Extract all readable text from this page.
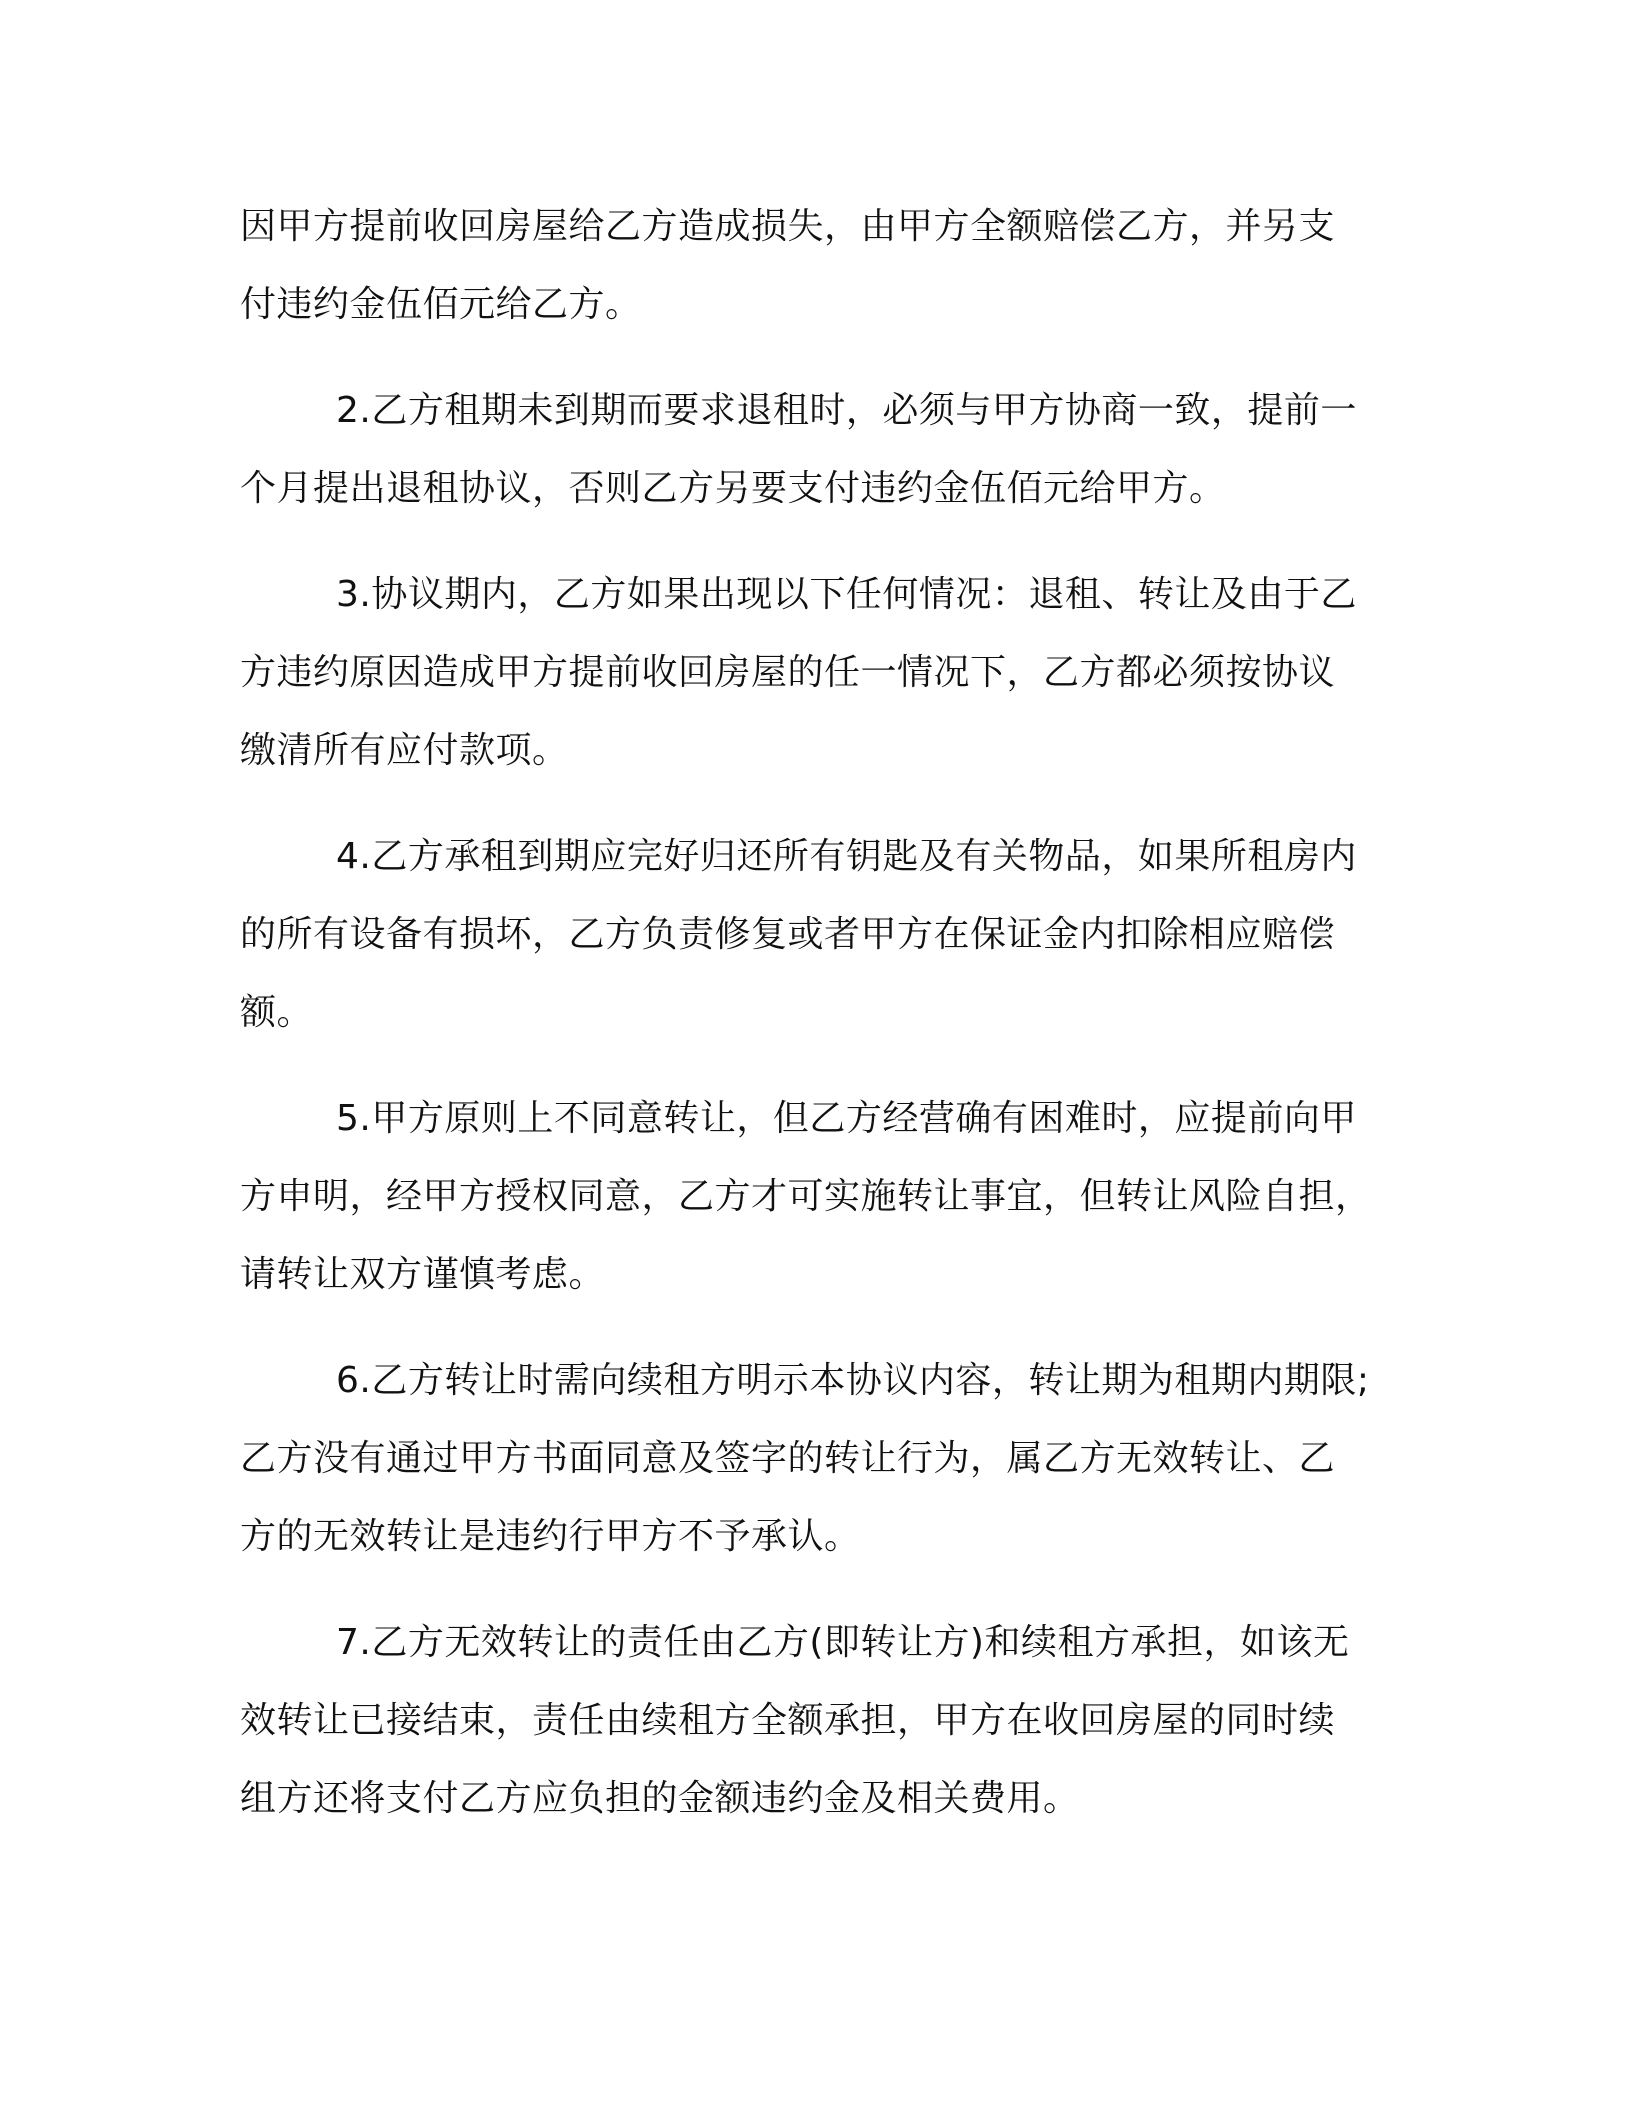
因甲方提前收回房屋给乙方造成损失，由甲方全额赔偿乙方，并另支
付违约金伍佰元给乙方。
2.乙方租期未到期而要求退租时，必须与甲方协商一致，提前一
个月提出退租协议，否则乙方另要支付违约金伍佰元给甲方。
3.协议期内，乙方如果出现以下任何情况：退租、转让及由于乙
方违约原因造成甲方提前收回房屋的任一情况下，乙方都必须按协议
缴清所有应付款项。
4.乙方承租到期应完好归还所有钥匙及有关物品，如果所租房内
的所有设备有损坏，乙方负责修复或者甲方在保证金内扣除相应赔偿
额。
5.甲方原则上不同意转让，但乙方经营确有困难时，应提前向甲
方申明，经甲方授权同意，乙方才可实施转让事宜，但转让风险自担，
请转让双方谨慎考虑。
6.乙方转让时需向续租方明示本协议内容，转让期为租期内期限;
乙方没有通过甲方书面同意及签字的转让行为，属乙方无效转让、乙
方的无效转让是违约行甲方不予承认。
7.乙方无效转让的责任由乙方(即转让方)和续租方承担，如该无
效转让已接结束，责任由续租方全额承担，甲方在收回房屋的同时续
组方还将支付乙方应负担的金额违约金及相关费用。
